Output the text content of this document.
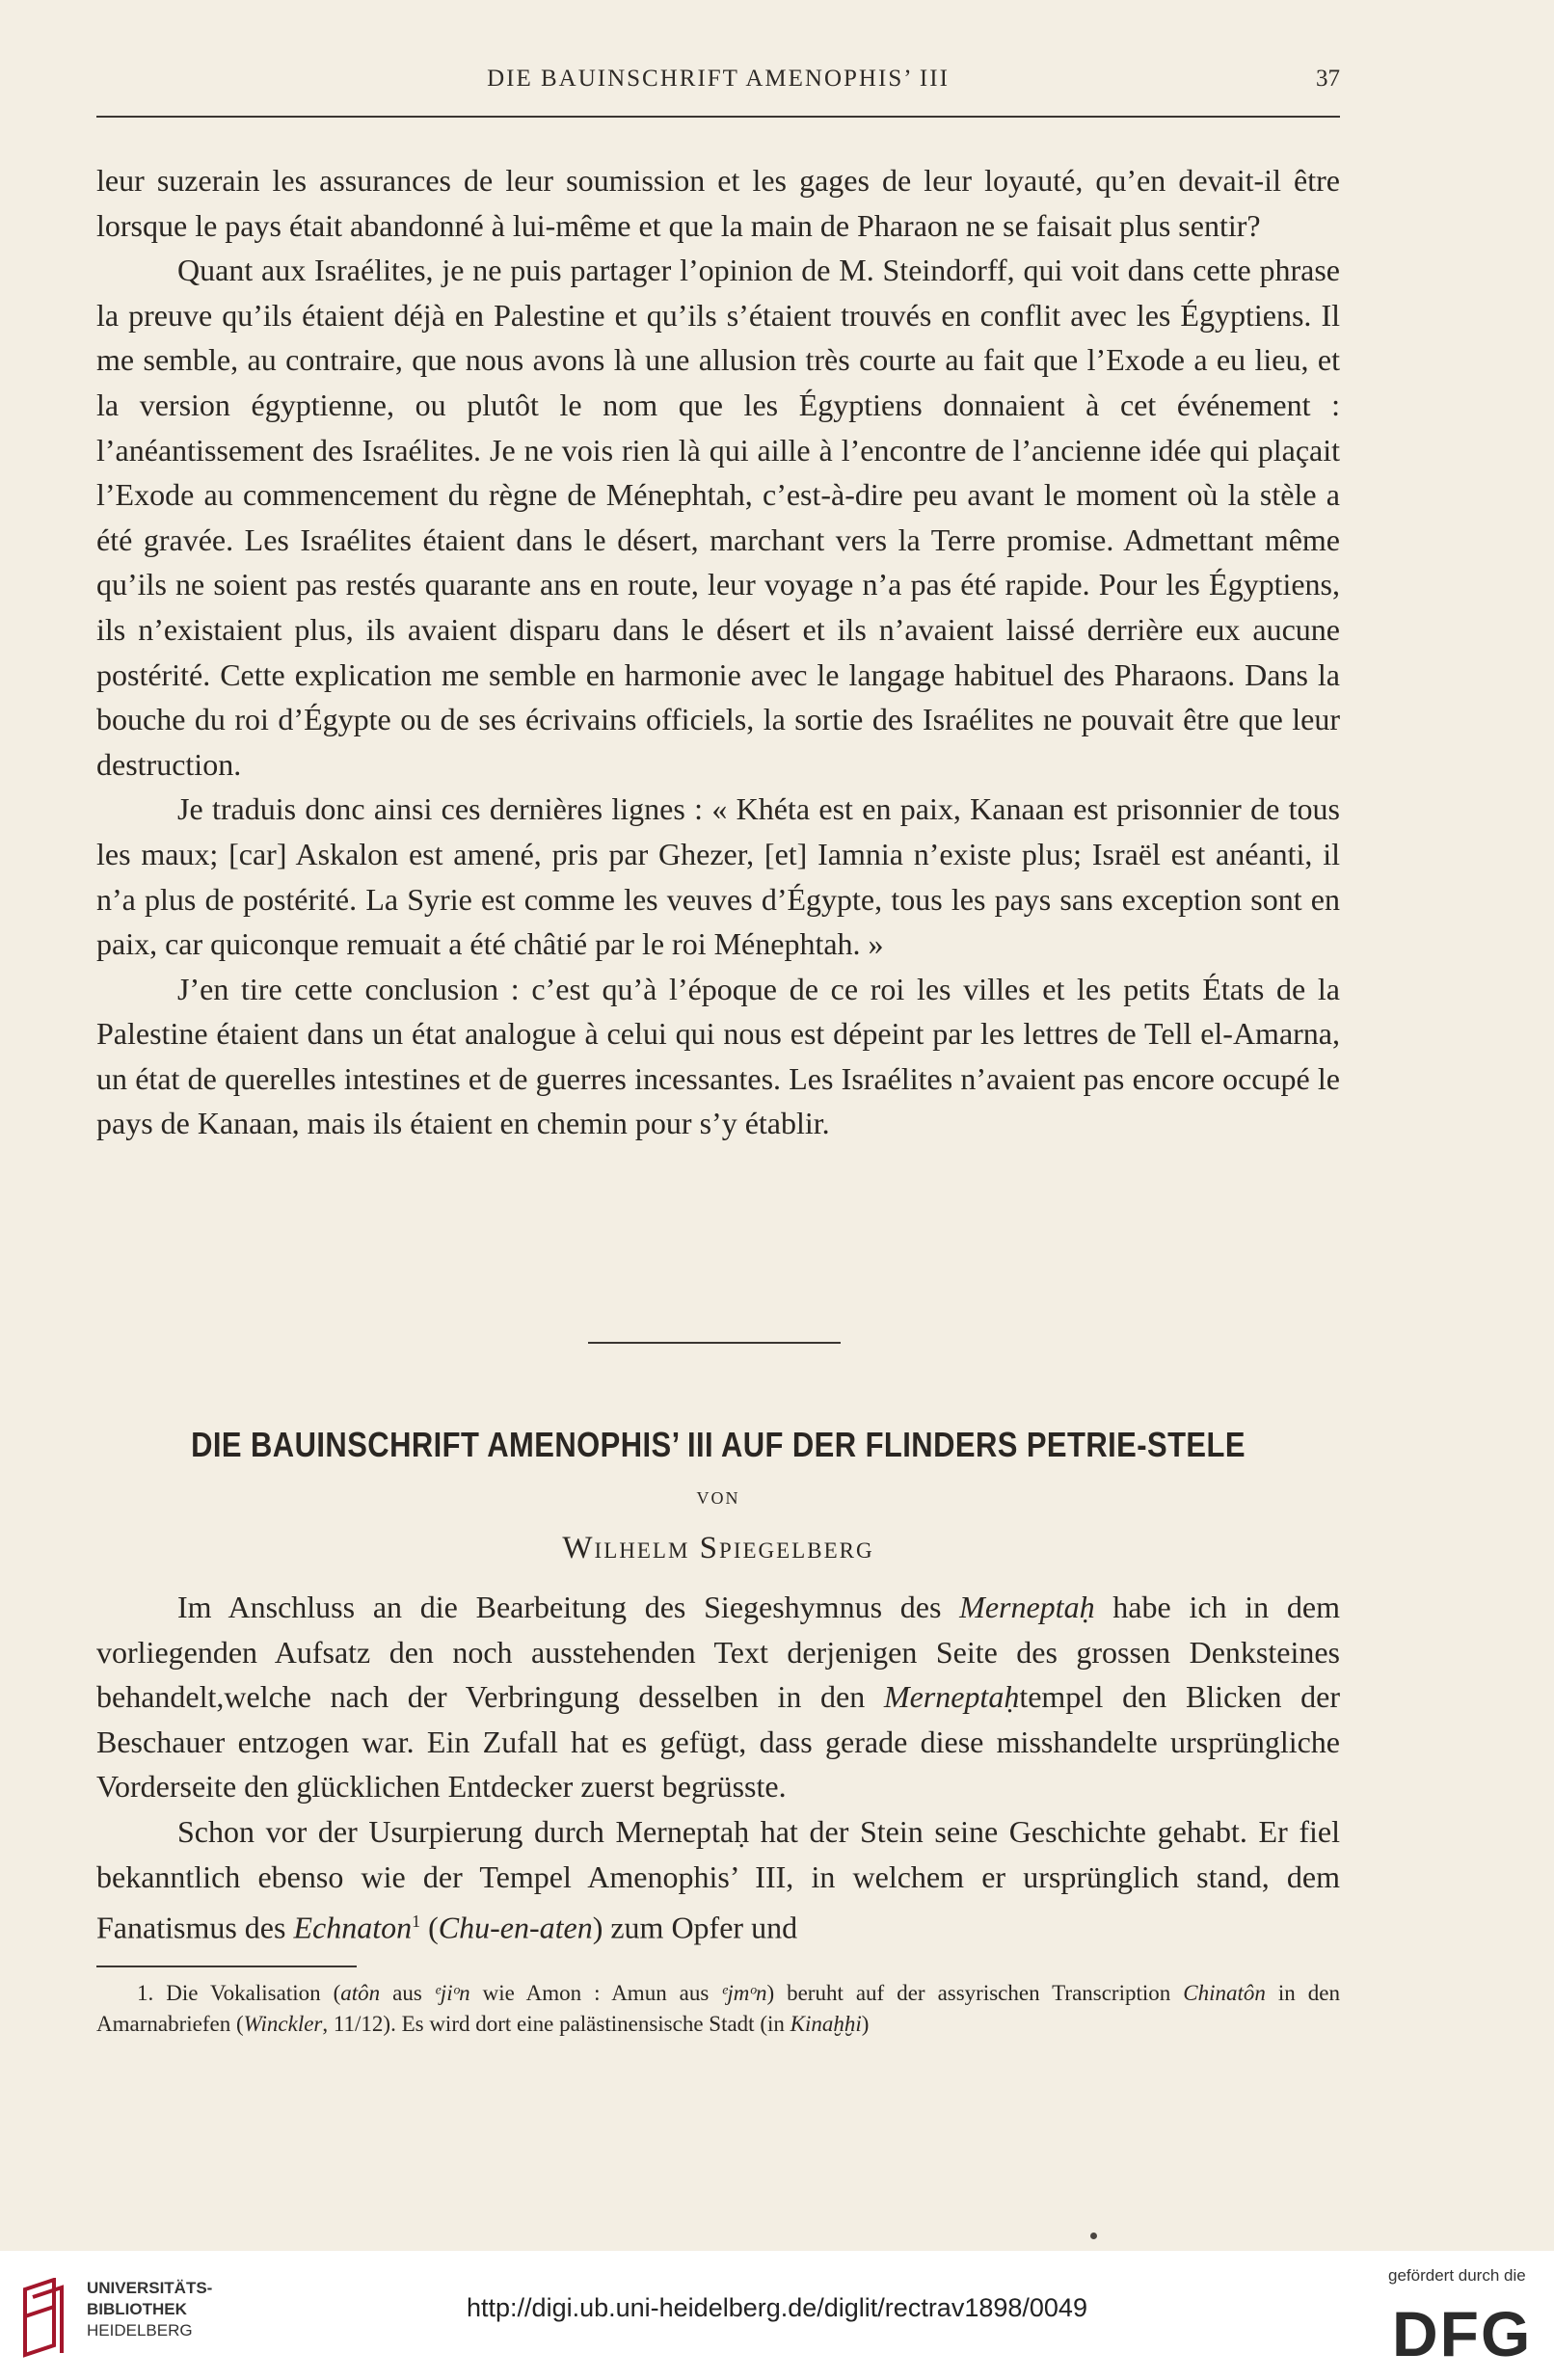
DIE BAUINSCHRIFT AMENOPHIS’ III	37

leur suzerain les assurances de leur soumission et les gages de leur loyauté, qu’en devait-il être lorsque le pays était abandonné à lui-même et que la main de Pharaon ne se faisait plus sentir?

Quant aux Israélites, je ne puis partager l’opinion de M. Steindorff, qui voit dans cette phrase la preuve qu’ils étaient déjà en Palestine et qu’ils s’étaient trouvés en conflit avec les Égyptiens. Il me semble, au contraire, que nous avons là une allusion très courte au fait que l’Exode a eu lieu, et la version égyptienne, ou plutôt le nom que les Égyptiens donnaient à cet événement : l’anéantissement des Israélites. Je ne vois rien là qui aille à l’encontre de l’ancienne idée qui plaçait l’Exode au commencement du règne de Ménephtah, c’est-à-dire peu avant le moment où la stèle a été gravée. Les Israélites étaient dans le désert, marchant vers la Terre promise. Admettant même qu’ils ne soient pas restés quarante ans en route, leur voyage n’a pas été rapide. Pour les Égyptiens, ils n’existaient plus, ils avaient disparu dans le désert et ils n’avaient laissé derrière eux aucune postérité. Cette explication me semble en harmonie avec le langage habituel des Pharaons. Dans la bouche du roi d’Égypte ou de ses écrivains officiels, la sortie des Israélites ne pouvait être que leur destruction.

Je traduis donc ainsi ces dernières lignes : « Khéta est en paix, Kanaan est prisonnier de tous les maux; [car] Askalon est amené, pris par Ghezer, [et] Iamnia n’existe plus; Israël est anéanti, il n’a plus de postérité. La Syrie est comme les veuves d’Égypte, tous les pays sans exception sont en paix, car quiconque remuait a été châtié par le roi Ménephtah. »

J’en tire cette conclusion : c’est qu’à l’époque de ce roi les villes et les petits États de la Palestine étaient dans un état analogue à celui qui nous est dépeint par les lettres de Tell el-Amarna, un état de querelles intestines et de guerres incessantes. Les Israélites n’avaient pas encore occupé le pays de Kanaan, mais ils étaient en chemin pour s’y établir.

DIE BAUINSCHRIFT AMENOPHIS’ III AUF DER FLINDERS PETRIE-STELE
VON
Wilhelm Spiegelberg

Im Anschluss an die Bearbeitung des Siegeshymnus des Merneptaḥ habe ich in dem vorliegenden Aufsatz den noch ausstehenden Text derjenigen Seite des grossen Denksteines behandelt,welche nach der Verbringung desselben in den Merneptaḥtempel den Blicken der Beschauer entzogen war. Ein Zufall hat es gefügt, dass gerade diese misshandelte ursprüngliche Vorderseite den glücklichen Entdecker zuerst begrüsste.

Schon vor der Usurpierung durch Merneptaḥ hat der Stein seine Geschichte gehabt. Er fiel bekanntlich ebenso wie der Tempel Amenophis’ III, in welchem er ursprünglich stand, dem Fanatismus des Echnaton$^1$ (Chu-en-aten) zum Opfer und

1. Die Vokalisation (atôn aus ᵉjiᵒn wie Amon : Amun aus ᵉjmᵒn) beruht auf der assyrischen Transcription Chinatôn in den Amarnabriefen (Winckler, 11/12). Es wird dort eine palästinensische Stadt (in Kinaḫḫi)

UNIVERSITÄTS-
BIBLIOTHEK
HEIDELBERG
http://digi.ub.uni-heidelberg.de/diglit/rectrav1898/0049
gefördert durch die
DFG
